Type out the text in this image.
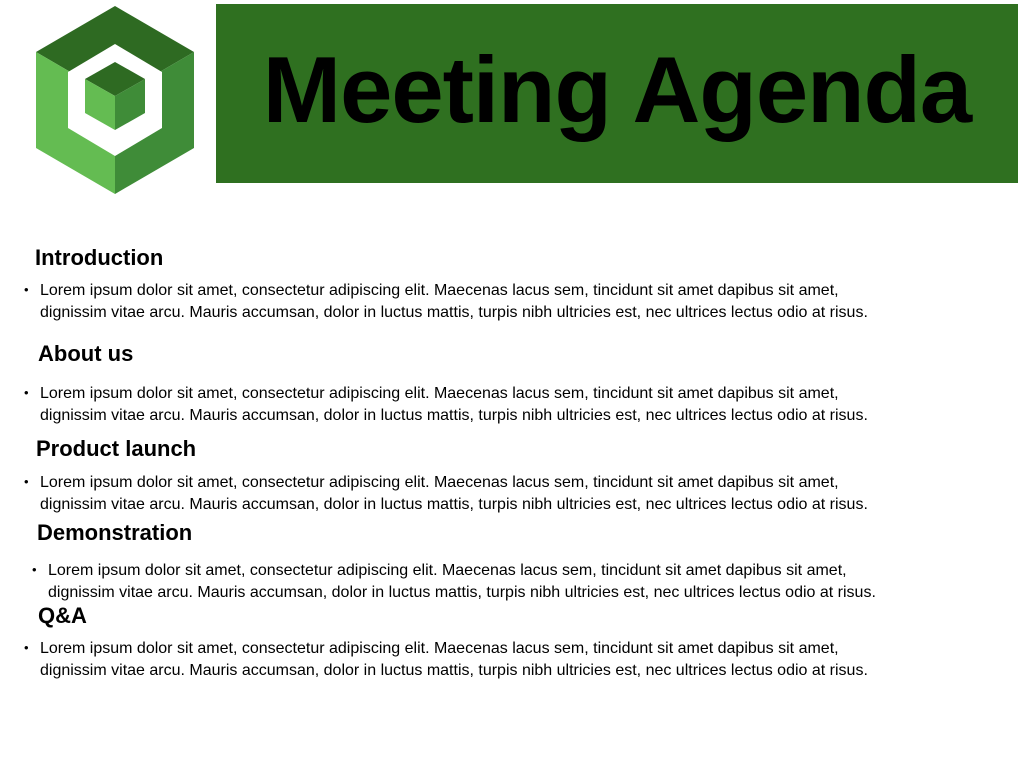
Meeting Agenda
Introduction
• Lorem ipsum dolor sit amet, consectetur adipiscing elit. Maecenas lacus sem, tincidunt sit amet dapibus sit amet,
dignissim vitae arcu. Mauris accumsan, dolor in luctus mattis, turpis nibh ultricies est, nec ultrices lectus odio at risus.
About us
• Lorem ipsum dolor sit amet, consectetur adipiscing elit. Maecenas lacus sem, tincidunt sit amet dapibus sit amet,
dignissim vitae arcu. Mauris accumsan, dolor in luctus mattis, turpis nibh ultricies est, nec ultrices lectus odio at risus.
Product launch
• Lorem ipsum dolor sit amet, consectetur adipiscing elit. Maecenas lacus sem, tincidunt sit amet dapibus sit amet,
dignissim vitae arcu. Mauris accumsan, dolor in luctus mattis, turpis nibh ultricies est, nec ultrices lectus odio at risus.
Demonstration
• Lorem ipsum dolor sit amet, consectetur adipiscing elit. Maecenas lacus sem, tincidunt sit amet dapibus sit amet,
dignissim vitae arcu. Mauris accumsan, dolor in luctus mattis, turpis nibh ultricies est, nec ultrices lectus odio at risus.
Q&A
• Lorem ipsum dolor sit amet, consectetur adipiscing elit. Maecenas lacus sem, tincidunt sit amet dapibus sit amet,
dignissim vitae arcu. Mauris accumsan, dolor in luctus mattis, turpis nibh ultricies est, nec ultrices lectus odio at risus.
